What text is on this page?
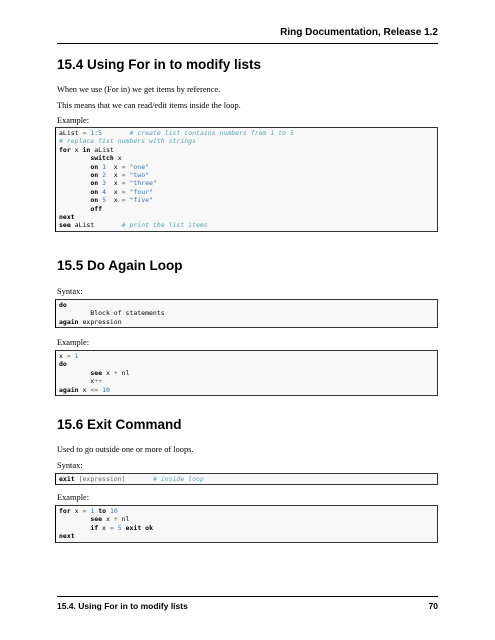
Ring Documentation, Release 1.2
15.4 Using For in to modify lists
When we use (For in) we get items by reference.
This means that we can read/edit items inside the loop.
Example:
aList = 1:5	# create list contains numbers from 1 to 5
# replace list numbers with strings
for x in aList
switch x
on 1  x = "one"
on 2  x = "two"
on 3  x = "three"
on 4  x = "four"
on 5  x = "five"
off
next
see aList       # print the list items
15.5 Do Again Loop
Syntax:
do
Block of statements
again expression
Example:
x = 1
do
see x + nl
x++
again x <= 10
15.6 Exit Command
Used to go outside one or more of loops.
Syntax:
exit [expression]	# inside loop
Example:
for x = 1 to 10
see x + nl
if x = 5 exit ok
next
15.4. Using For in to modify lists	70
